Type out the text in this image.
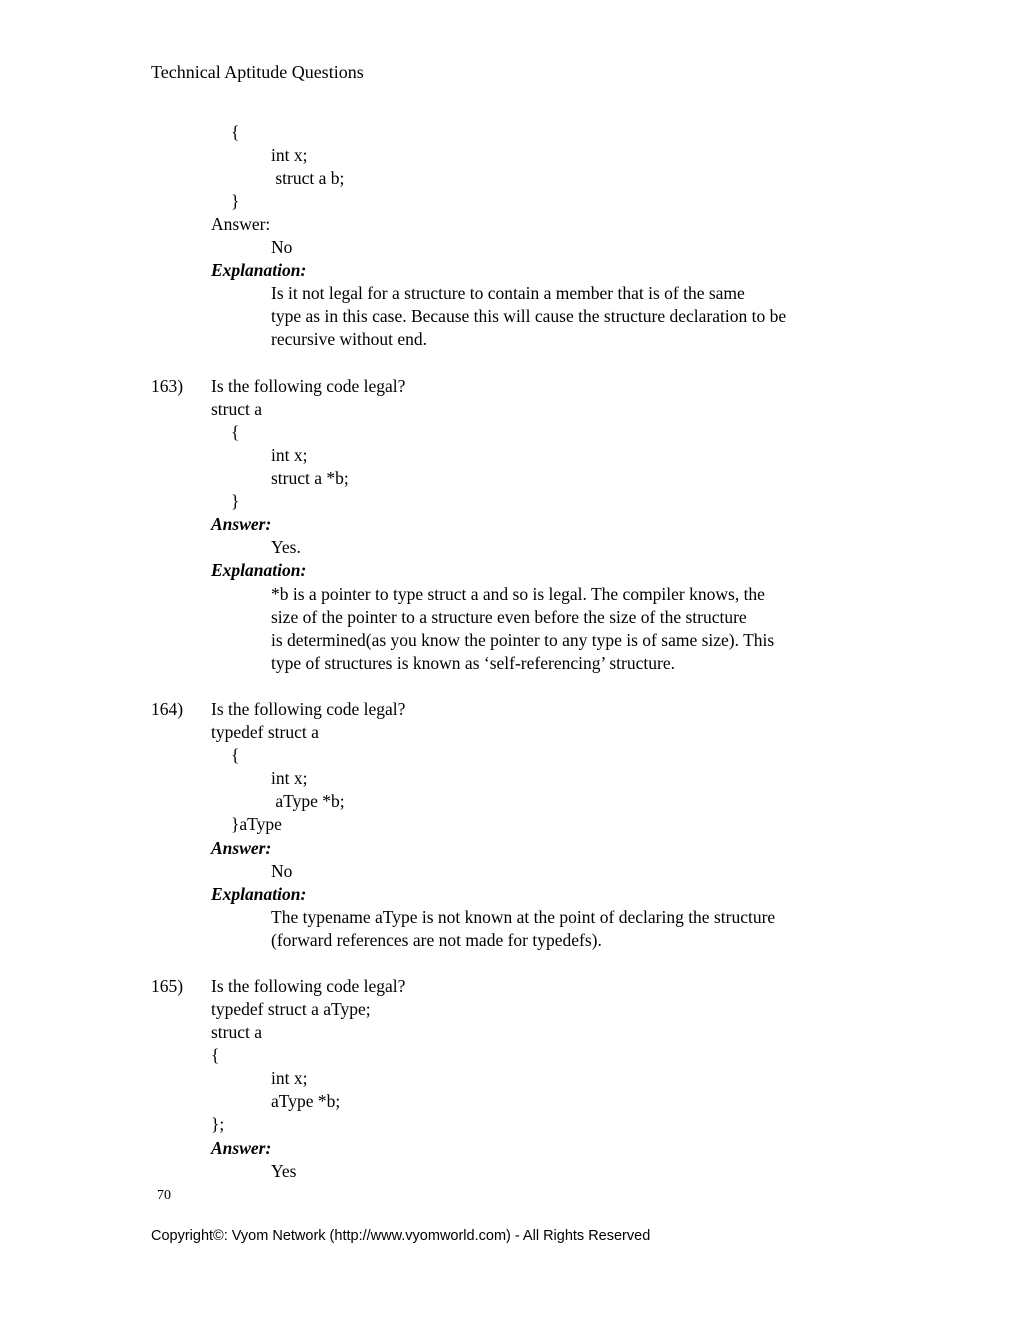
Technical Aptitude Questions
{
int x;
struct a b;
}
Answer:
No
Explanation:
Is it not legal for a structure to contain a member that is of the same
type as in this case. Because this will cause the structure declaration to be
recursive without end.
163) Is the following code legal?
struct a
{
int x;
struct a *b;
}
Answer:
Yes.
Explanation:
*b is a pointer to type struct a and so is legal. The compiler knows, the
size of the pointer to a structure even before the size of the structure
is determined(as you know the pointer to any type is of same size). This
type of structures is known as ‘self-referencing’ structure.
164) Is the following code legal?
typedef struct a
{
int x;
aType *b;
}aType
Answer:
No
Explanation:
The typename aType is not known at the point of declaring the structure
(forward references are not made for typedefs).
165) Is the following code legal?
typedef struct a aType;
struct a
{
int x;
aType *b;
};
Answer:
Yes
70
Copyright©: Vyom Network (http://www.vyomworld.com) - All Rights Reserved
